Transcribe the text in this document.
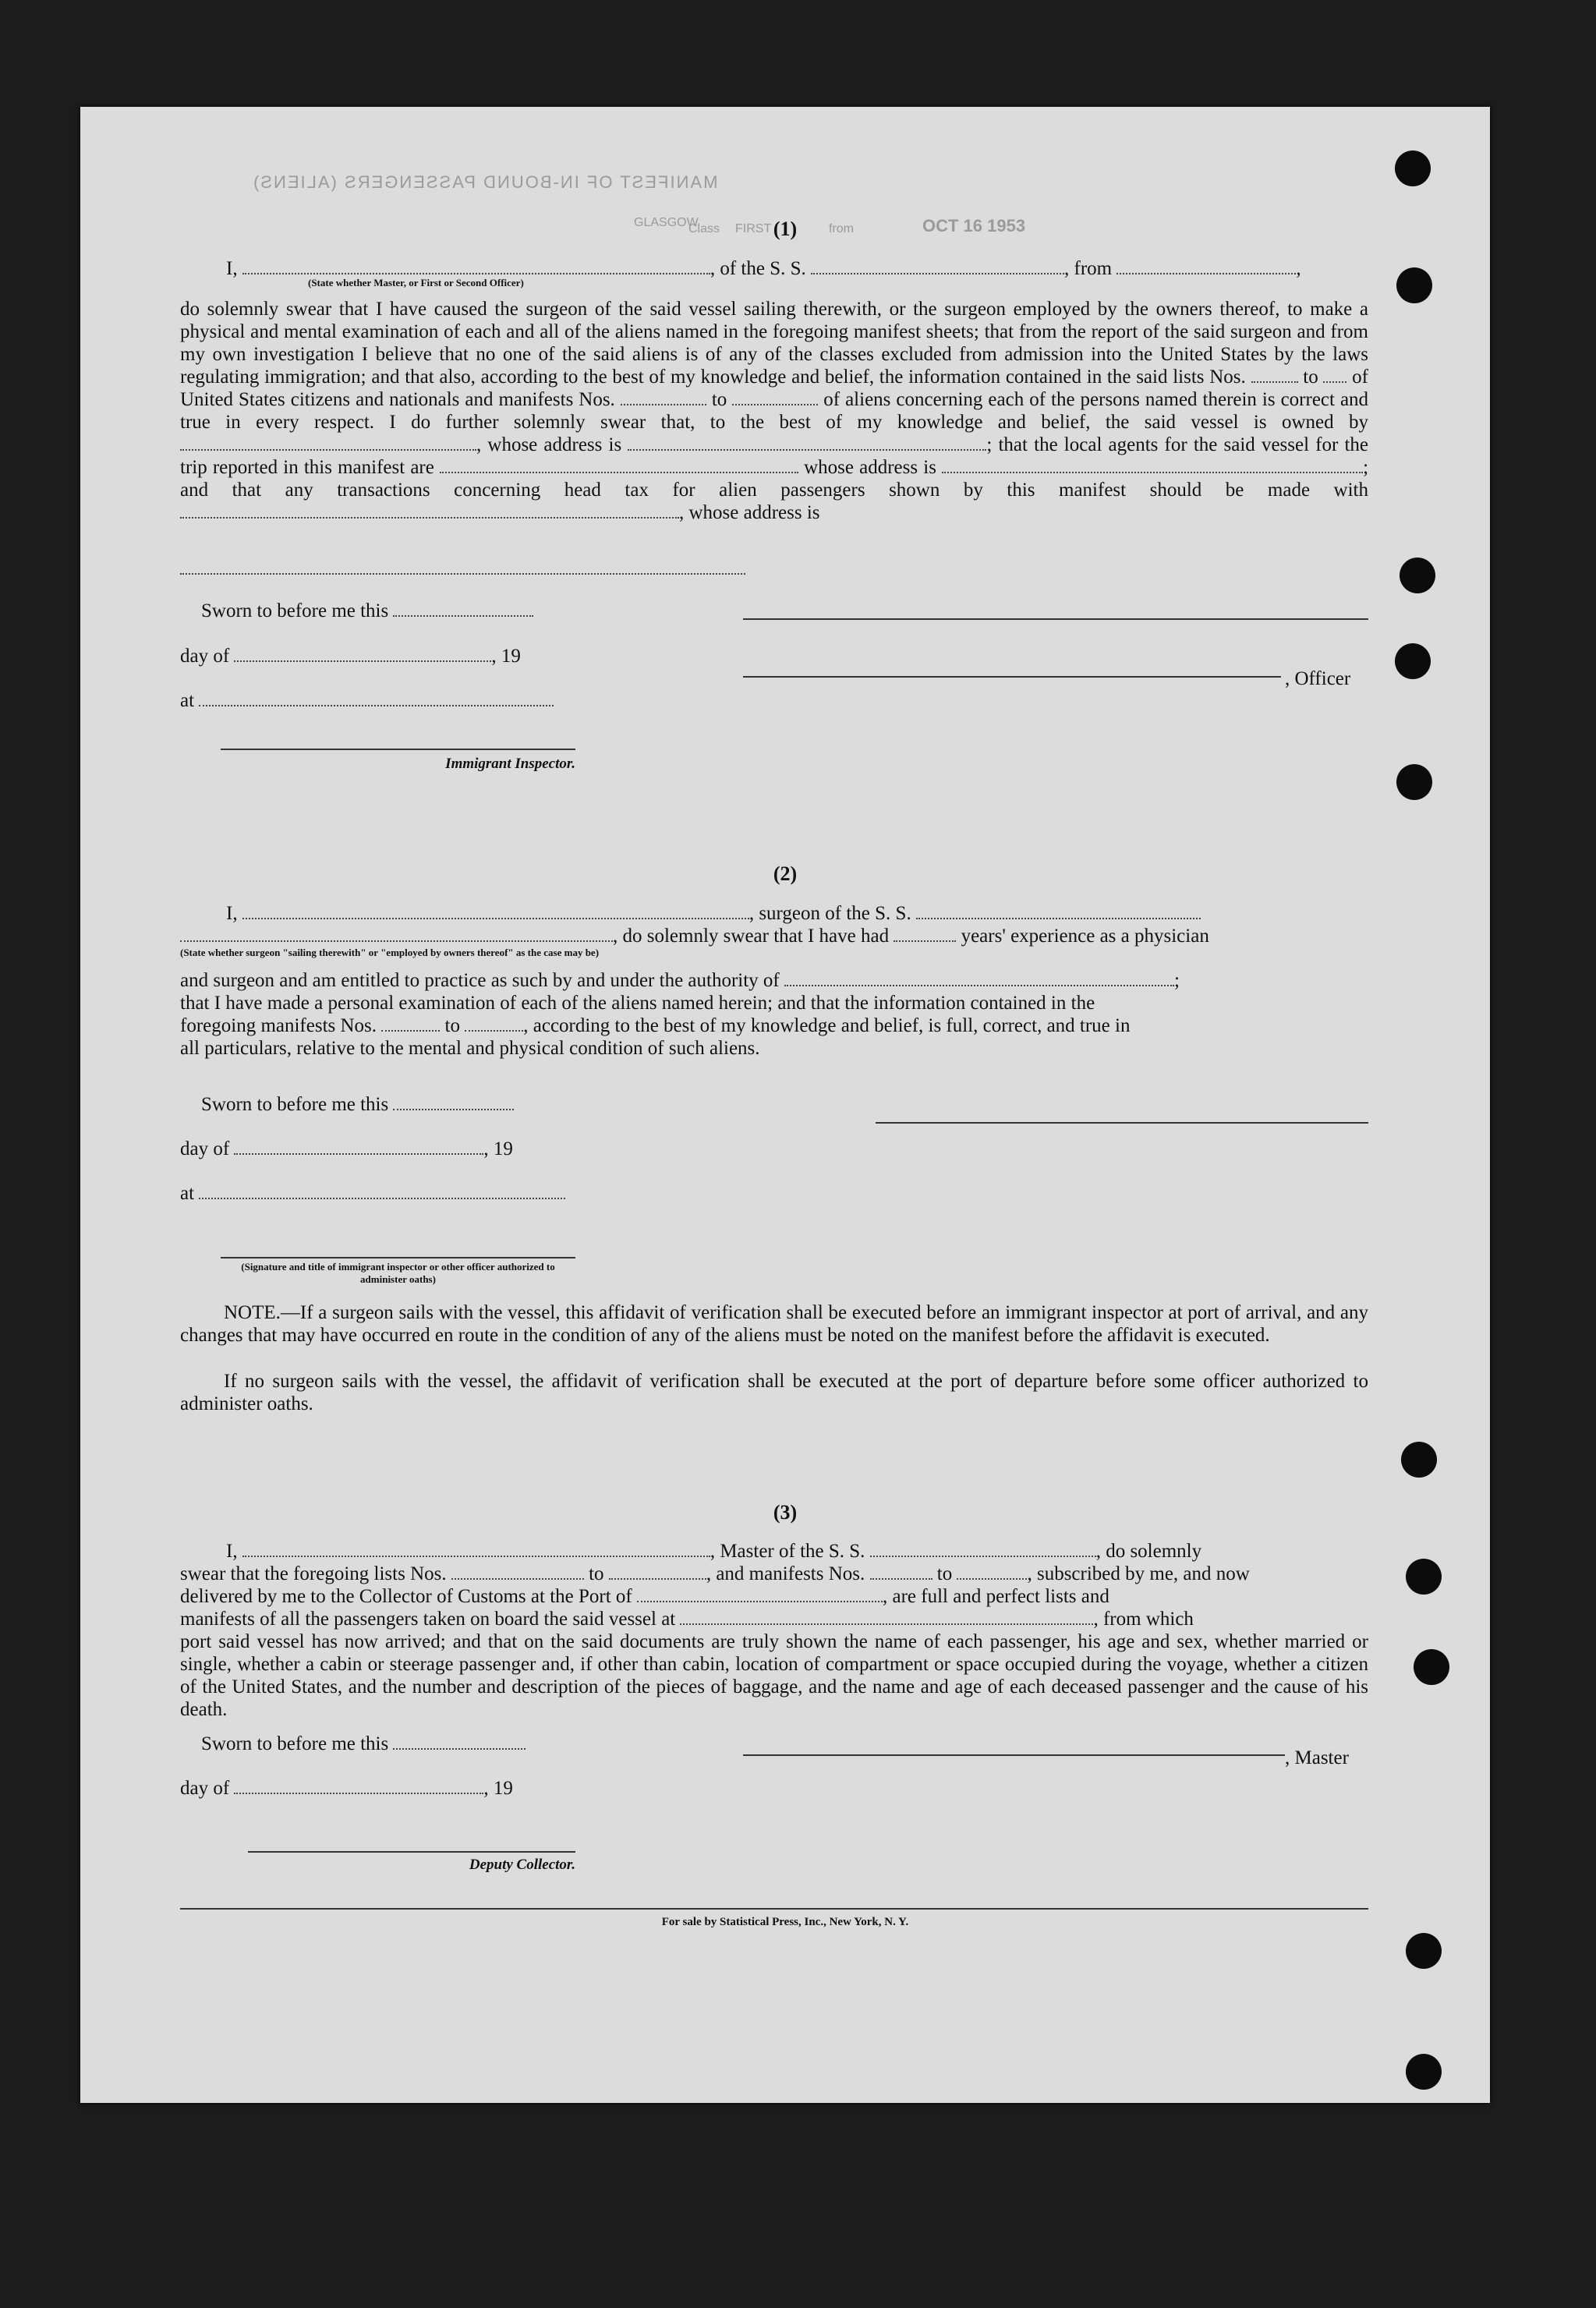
MANIFEST OF IN-BOUND PASSENGERS (ALIENS)
GLASGOW
Class FIRST	from	OCT 16 1953
(1)
I,	, of the S. S.	, from	,
(State whether Master, or First or Second Officer)
do solemnly swear that I have caused the surgeon of the said vessel sailing therewith, or the surgeon employed by the owners thereof, to make a physical and mental examination of each and all of the aliens named in the foregoing manifest sheets; that from the report of the said surgeon and from my own investigation I believe that no one of the said aliens is of any of the classes excluded from admission into the United States by the laws regulating immigration; and that also, according to the best of my knowledge and belief, the information contained in the said lists Nos.	to of United States citizens and nationals and manifests Nos.	to	of aliens concerning each of the persons named therein is correct and true in every respect. I do further solemnly swear that, to the best of my knowledge and belief, the said vessel is owned by , whose address is	; that the local agents for the said vessel for the trip reported in this manifest are	whose address is	; and that any transactions concerning head tax for alien passengers shown by this manifest should be made with , whose address is
Sworn to before me this
day of	, 19
, Officer
at
Immigrant Inspector.
(2)
I,	, surgeon of the S. S.
, do solemnly swear that I have had	years' experience as a physician
(State whether surgeon "sailing therewith" or "employed by owners thereof" as the case may be)
and surgeon and am entitled to practice as such by and under the authority of	;
that I have made a personal examination of each of the aliens named herein; and that the information contained in the
foregoing manifests Nos.	to	, according to the best of my knowledge and belief, is full, correct, and true in
all particulars, relative to the mental and physical condition of such aliens.
Sworn to before me this
day of	, 19
at
(Signature and title of immigrant inspector or other officer authorized to administer oaths)
NOTE.—If a surgeon sails with the vessel, this affidavit of verification shall be executed before an immigrant inspector at port of arrival, and any changes that may have occurred en route in the condition of any of the aliens must be noted on the manifest before the affidavit is executed.
If no surgeon sails with the vessel, the affidavit of verification shall be executed at the port of departure before some officer authorized to administer oaths.
(3)
I,	, Master of the S. S.	, do solemnly
swear that the foregoing lists Nos.	to	, and manifests Nos.	to	, subscribed by me, and now
delivered by me to the Collector of Customs at the Port of	, are full and perfect lists and
manifests of all the passengers taken on board the said vessel at	, from which
port said vessel has now arrived; and that on the said documents are truly shown the name of each passenger, his age and sex, whether married or single, whether a cabin or steerage passenger and, if other than cabin, location of compartment or space occupied during the voyage, whether a citizen of the United States, and the number and description of the pieces of baggage, and the name and age of each deceased passenger and the cause of his death.
Sworn to before me this
, Master
day of	, 19
Deputy Collector.
For sale by Statistical Press, Inc., New York, N. Y.
